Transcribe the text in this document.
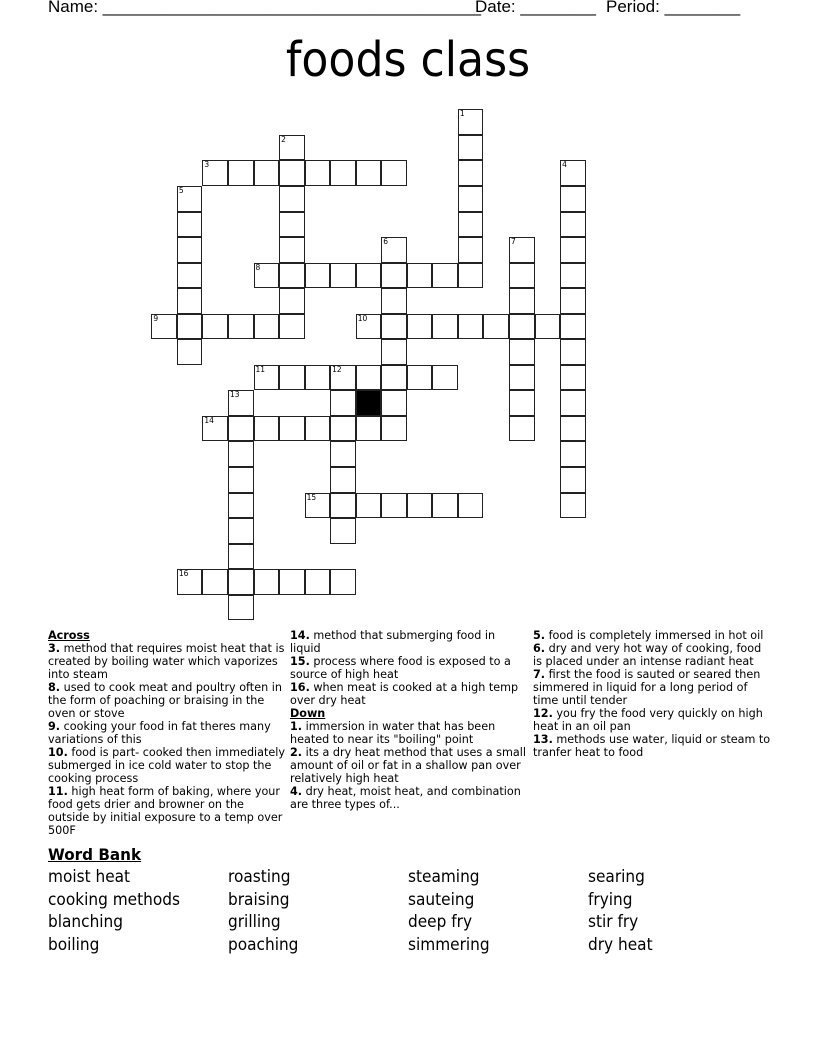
Name: ________________________________________
Date: ________ Period: ________
foods class
1
2
3	4
5
6	7
8
9	10
11	12
13
14
15
16
Across
3. method that requires moist heat that is created by boiling water which vaporizes into steam
8. used to cook meat and poultry often in the form of poaching or braising in the oven or stove
9. cooking your food in fat theres many variations of this
10. food is part- cooked then immediately submerged in ice cold water to stop the cooking process
11. high heat form of baking, where your food gets drier and browner on the outside by initial exposure to a temp over 500F
14. method that submerging food in liquid
15. process where food is exposed to a source of high heat
16. when meat is cooked at a high temp over dry heat
Down
1. immersion in water that has been heated to near its "boiling" point
2. its a dry heat method that uses a small amount of oil or fat in a shallow pan over relatively high heat
4. dry heat, moist heat, and combination are three types of...
5. food is completely immersed in hot oil
6. dry and very hot way of cooking, food is placed under an intense radiant heat
7. first the food is sauted or seared then simmered in liquid for a long period of time until tender
12. you fry the food very quickly on high heat in an oil pan
13. methods use water, liquid or steam to tranfer heat to food
Word Bank
moist heat	roasting	steaming	searing
cooking methods	braising	sauteing	frying
blanching	grilling	deep fry	stir fry
boiling	poaching	simmering	dry heat
